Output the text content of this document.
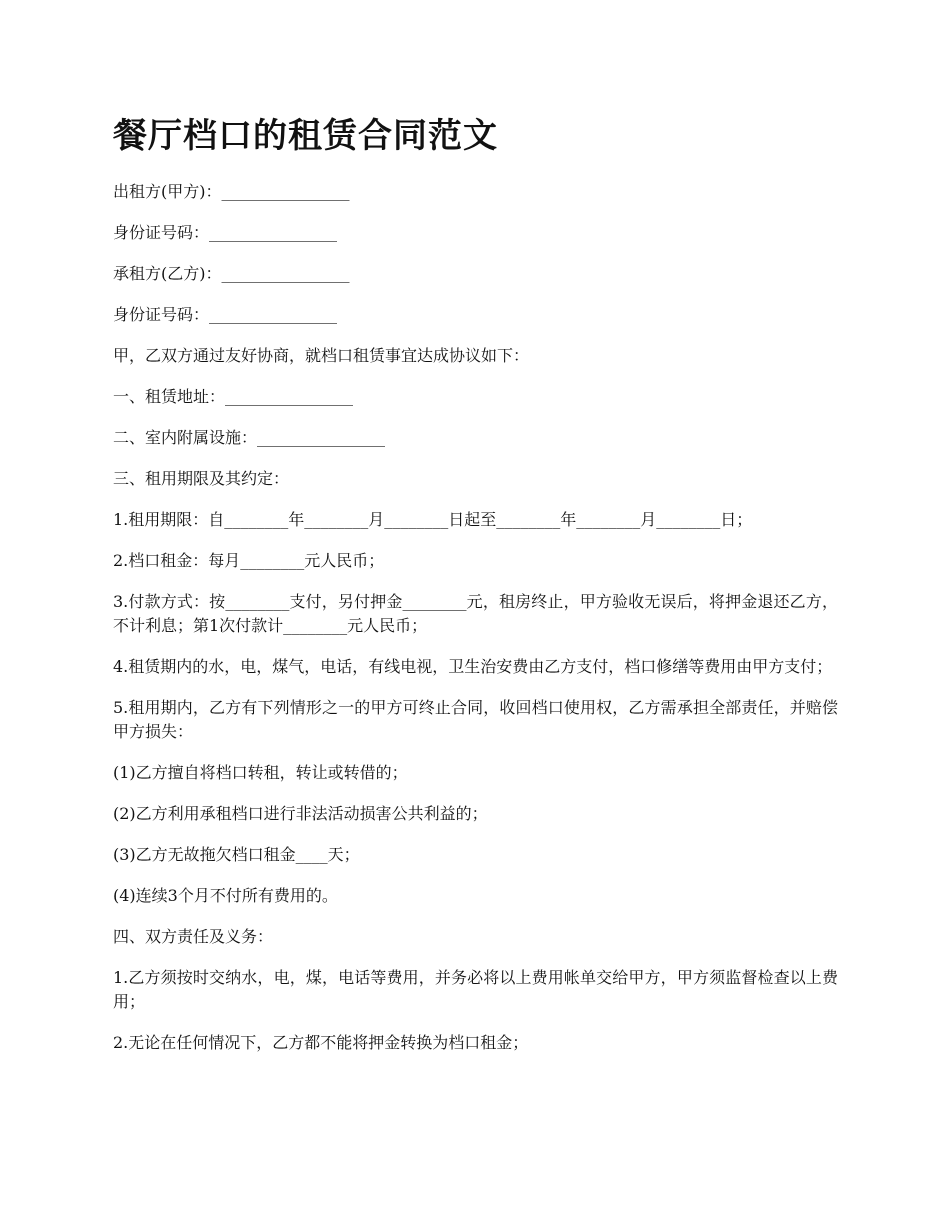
餐厅档口的租赁合同范文

出租方(甲方)：________________

身份证号码：________________

承租方(乙方)：________________

身份证号码：________________

甲，乙双方通过友好协商，就档口租赁事宜达成协议如下：

一、租赁地址：________________

二、室内附属设施：________________

三、租用期限及其约定：

1.租用期限：自________年________月________日起至________年________月________日；

2.档口租金：每月________元人民币；

3.付款方式：按________支付，另付押金________元，租房终止，甲方验收无误后，将押金退还乙方，不计利息；第1次付款计________元人民币；

4.租赁期内的水，电，煤气，电话，有线电视，卫生治安费由乙方支付，档口修缮等费用由甲方支付；

5.租用期内，乙方有下列情形之一的甲方可终止合同，收回档口使用权，乙方需承担全部责任，并赔偿甲方损失：

(1)乙方擅自将档口转租，转让或转借的；

(2)乙方利用承租档口进行非法活动损害公共利益的；

(3)乙方无故拖欠档口租金____天；

(4)连续3个月不付所有费用的。

四、双方责任及义务：

1.乙方须按时交纳水，电，煤，电话等费用，并务必将以上费用帐单交给甲方，甲方须监督检查以上费用；

2.无论在任何情况下，乙方都不能将押金转换为档口租金；
